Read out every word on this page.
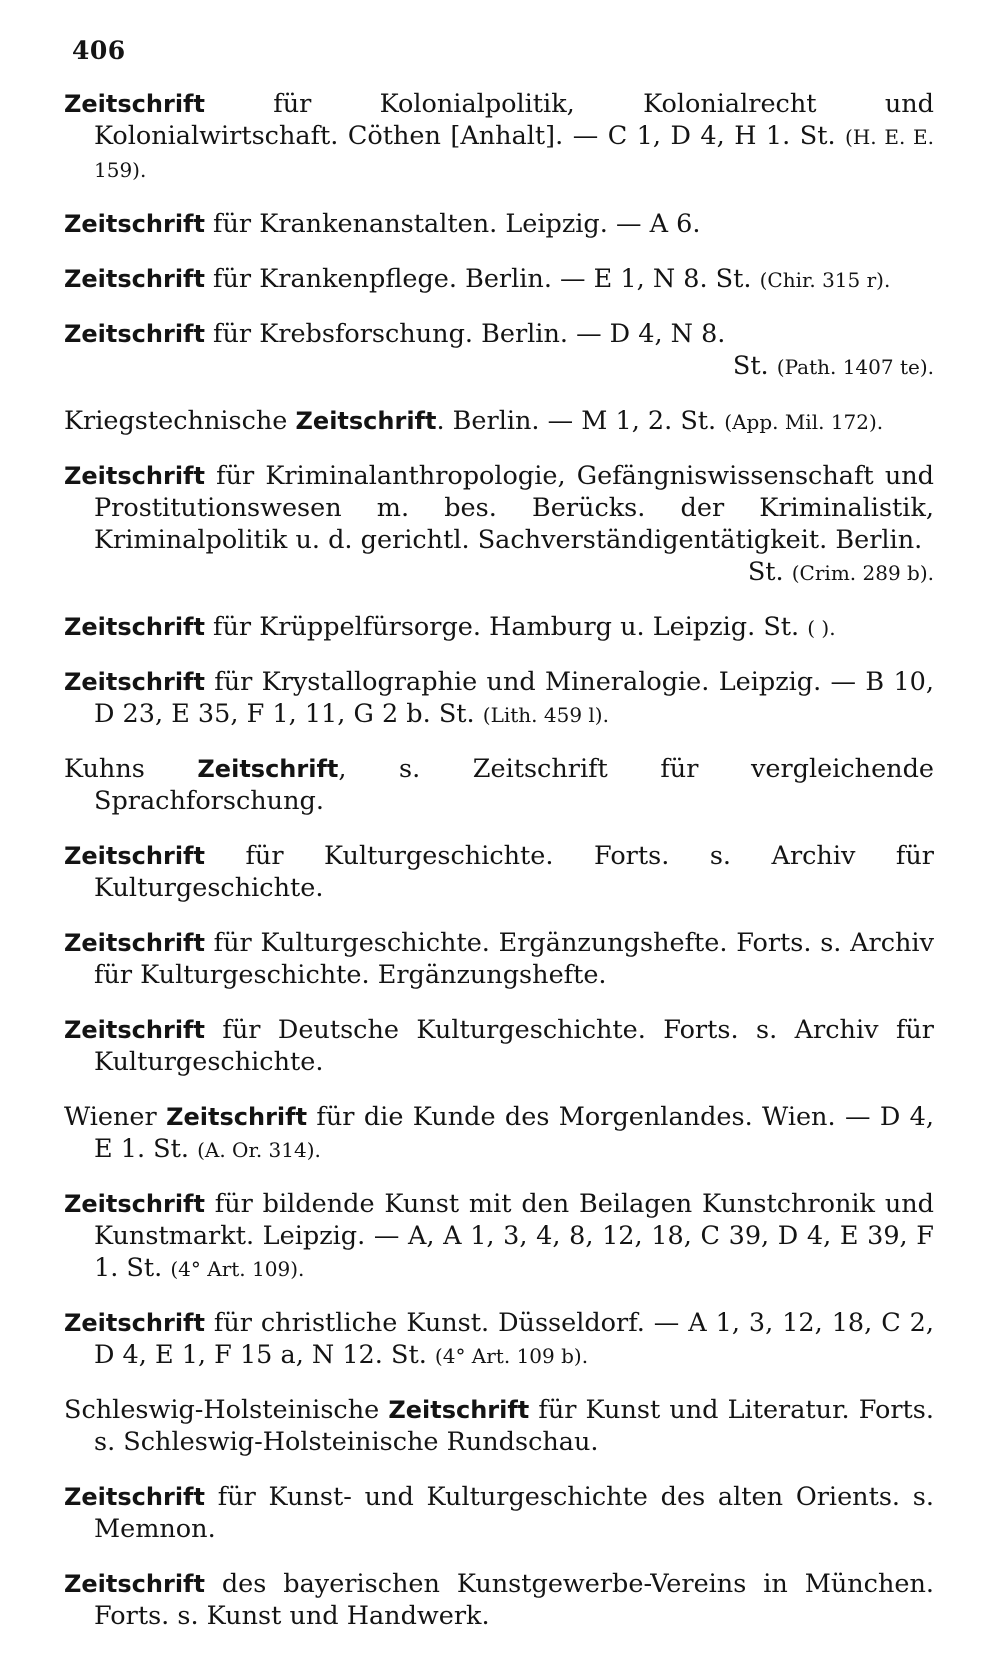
406
Zeitschrift für Kolonialpolitik, Kolonialrecht und Kolonialwirtschaft. Cöthen [Anhalt]. — C 1, D 4, H 1. St. (H. E. E. 159).
Zeitschrift für Krankenanstalten. Leipzig. — A 6.
Zeitschrift für Krankenpflege. Berlin. — E 1, N 8. St. (Chir. 315 r).
Zeitschrift für Krebsforschung. Berlin. — D 4, N 8.
St. (Path. 1407 te).
Kriegstechnische Zeitschrift. Berlin. — M 1, 2. St. (App. Mil. 172).
Zeitschrift für Kriminalanthropologie, Gefängniswissenschaft und Prostitutionswesen m. bes. Berücks. der Kriminalistik, Kriminalpolitik u. d. gerichtl. Sachverständigentätigkeit. Berlin.
St. (Crim. 289 b).
Zeitschrift für Krüppelfürsorge. Hamburg u. Leipzig. St. ( ).
Zeitschrift für Krystallographie und Mineralogie. Leipzig. — B 10, D 23, E 35, F 1, 11, G 2 b. St. (Lith. 459 l).
Kuhns Zeitschrift, s. Zeitschrift für vergleichende Sprachforschung.
Zeitschrift für Kulturgeschichte. Forts. s. Archiv für Kulturgeschichte.
Zeitschrift für Kulturgeschichte. Ergänzungshefte. Forts. s. Archiv für Kulturgeschichte. Ergänzungshefte.
Zeitschrift für Deutsche Kulturgeschichte. Forts. s. Archiv für Kulturgeschichte.
Wiener Zeitschrift für die Kunde des Morgenlandes. Wien. — D 4, E 1. St. (A. Or. 314).
Zeitschrift für bildende Kunst mit den Beilagen Kunstchronik und Kunstmarkt. Leipzig. — A, A 1, 3, 4, 8, 12, 18, C 39, D 4, E 39, F 1. St. (4° Art. 109).
Zeitschrift für christliche Kunst. Düsseldorf. — A 1, 3, 12, 18, C 2, D 4, E 1, F 15 a, N 12. St. (4° Art. 109 b).
Schleswig-Holsteinische Zeitschrift für Kunst und Literatur. Forts. s. Schleswig-Holsteinische Rundschau.
Zeitschrift für Kunst- und Kulturgeschichte des alten Orients. s. Memnon.
Zeitschrift des bayerischen Kunstgewerbe-Vereins in München. Forts. s. Kunst und Handwerk.
